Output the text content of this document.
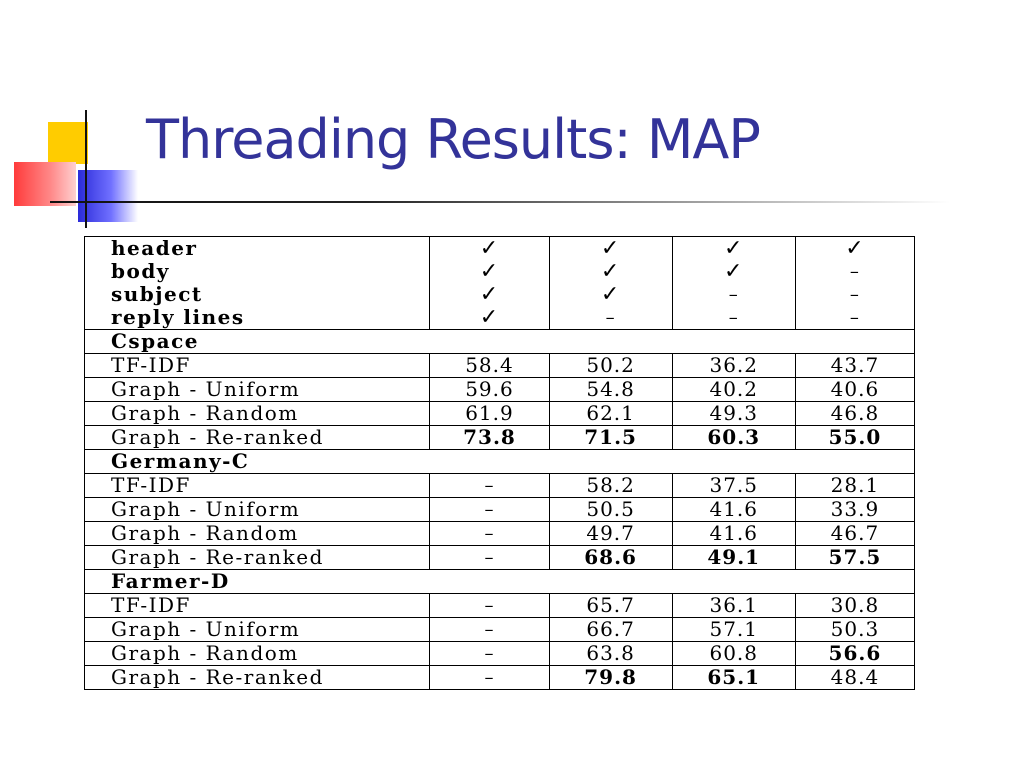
Threading Results: MAP
header	✓	✓	✓	✓
body	✓	✓	✓	–
subject	✓	✓	–	–
reply lines	✓	–	–	–
Cspace				
TF-IDF	58.4	50.2	36.2	43.7
Graph - Uniform	59.6	54.8	40.2	40.6
Graph - Random	61.9	62.1	49.3	46.8
Graph - Re-ranked	73.8	71.5	60.3	55.0
Germany-C				
TF-IDF	–	58.2	37.5	28.1
Graph - Uniform	–	50.5	41.6	33.9
Graph - Random	–	49.7	41.6	46.7
Graph - Re-ranked	–	68.6	49.1	57.5
Farmer-D				
TF-IDF	–	65.7	36.1	30.8
Graph - Uniform	–	66.7	57.1	50.3
Graph - Random	–	63.8	60.8	56.6
Graph - Re-ranked	–	79.8	65.1	48.4
